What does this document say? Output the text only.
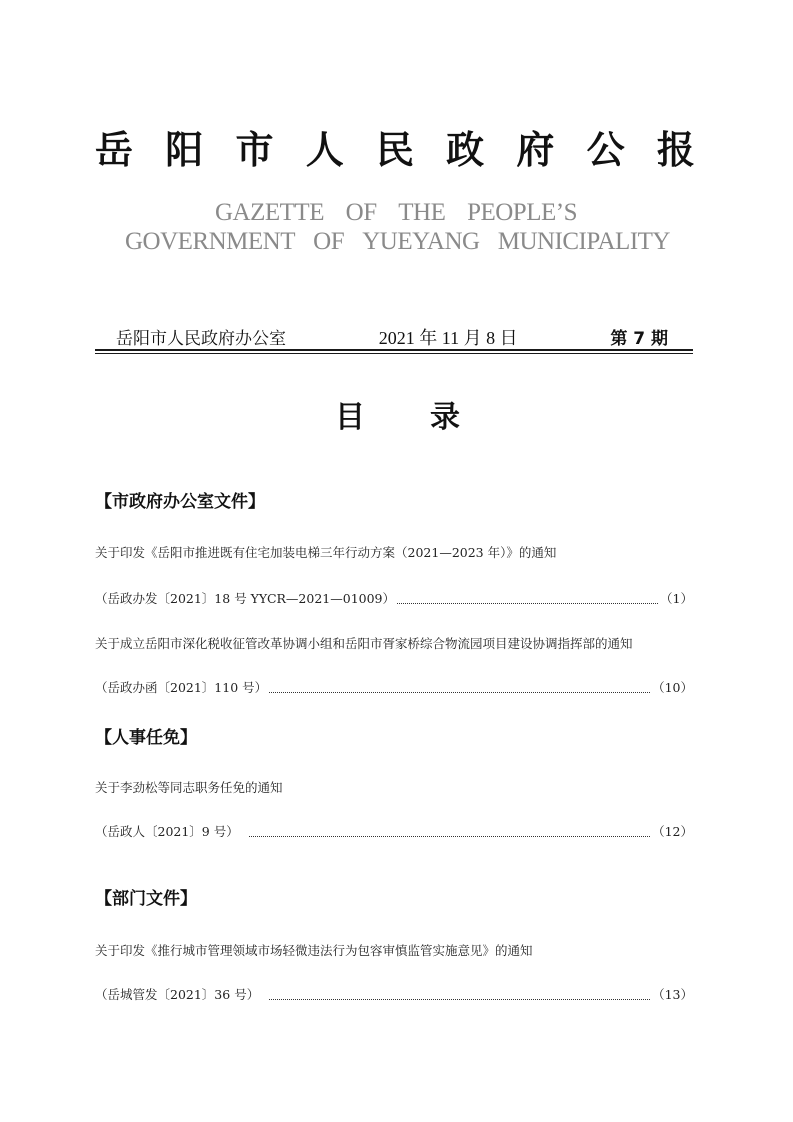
岳 阳 市 人 民 政 府 公 报
GAZETTE OF THE PEOPLE’S
GOVERNMENT OF YUEYANG MUNICIPALITY
岳阳市人民政府办公室	2021 年 11 月 8 日	第 7 期
目 录
【市政府办公室文件】
关于印发《岳阳市推进既有住宅加装电梯三年行动方案（2021—2023 年）》的通知
（岳政办发〔2021〕18 号 YYCR—2021—01009）	（1）
关于成立岳阳市深化税收征管改革协调小组和岳阳市胥家桥综合物流园项目建设协调指挥部的通知
（岳政办函〔2021〕110 号）	（10）
【人事任免】
关于李劲松等同志职务任免的通知
（岳政人〔2021〕9 号）	（12）
【部门文件】
关于印发《推行城市管理领域市场轻微违法行为包容审慎监管实施意见》的通知
（岳城管发〔2021〕36 号）	（13）
